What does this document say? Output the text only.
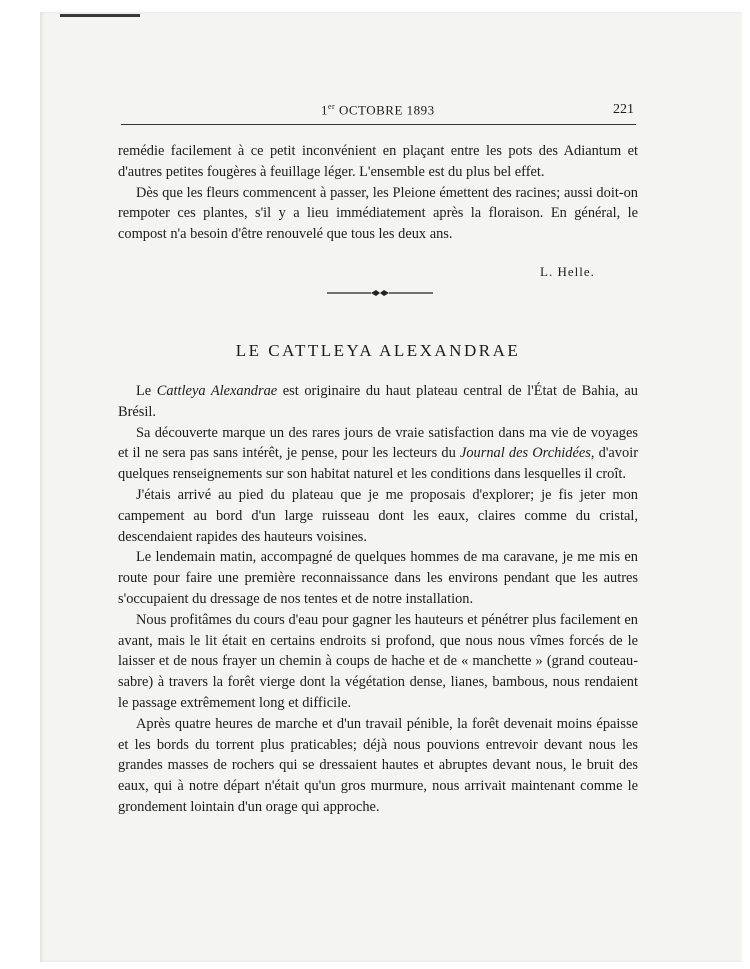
1er OCTOBRE 1893	221

remédie facilement à ce petit inconvénient en plaçant entre les pots des Adiantum et d'autres petites fougères à feuillage léger. L'ensemble est du plus bel effet.

Dès que les fleurs commencent à passer, les Pleione émettent des racines; aussi doit-on rempoter ces plantes, s'il y a lieu immédiatement après la floraison. En général, le compost n'a besoin d'être renouvelé que tous les deux ans.

L. Helle.
LE CATTLEYA ALEXANDRAE

Le Cattleya Alexandrae est originaire du haut plateau central de l'État de Bahia, au Brésil.

Sa découverte marque un des rares jours de vraie satisfaction dans ma vie de voyages et il ne sera pas sans intérêt, je pense, pour les lecteurs du Journal des Orchidées, d'avoir quelques renseignements sur son habitat naturel et les conditions dans lesquelles il croît.

J'étais arrivé au pied du plateau que je me proposais d'explorer; je fis jeter mon campement au bord d'un large ruisseau dont les eaux, claires comme du cristal, descendaient rapides des hauteurs voisines.

Le lendemain matin, accompagné de quelques hommes de ma caravane, je me mis en route pour faire une première reconnaissance dans les environs pendant que les autres s'occupaient du dressage de nos tentes et de notre installation.

Nous profitâmes du cours d'eau pour gagner les hauteurs et pénétrer plus facilement en avant, mais le lit était en certains endroits si profond, que nous nous vîmes forcés de le laisser et de nous frayer un chemin à coups de hache et de « manchette » (grand couteau-sabre) à travers la forêt vierge dont la végétation dense, lianes, bambous, nous rendaient le passage extrêmement long et difficile.

Après quatre heures de marche et d'un travail pénible, la forêt devenait moins épaisse et les bords du torrent plus praticables; déjà nous pouvions entrevoir devant nous les grandes masses de rochers qui se dressaient hautes et abruptes devant nous, le bruit des eaux, qui à notre départ n'était qu'un gros murmure, nous arrivait maintenant comme le grondement lointain d'un orage qui approche.
